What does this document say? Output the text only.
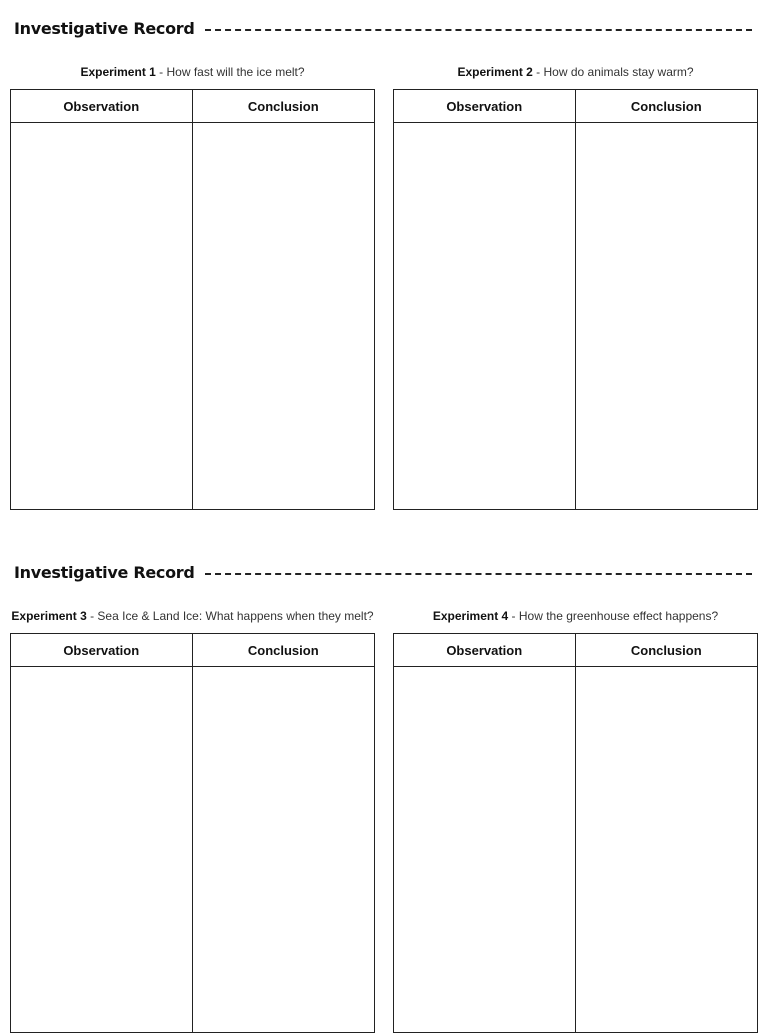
Investigative Record
Experiment 1 - How fast will the ice melt?	Experiment 2 - How do animals stay warm?
Observation	Conclusion	Observation	Conclusion
Investigative Record
Experiment 3 - Sea Ice & Land Ice: What happens when they melt?	Experiment 4 - How the greenhouse effect happens?
Observation	Conclusion	Observation	Conclusion
